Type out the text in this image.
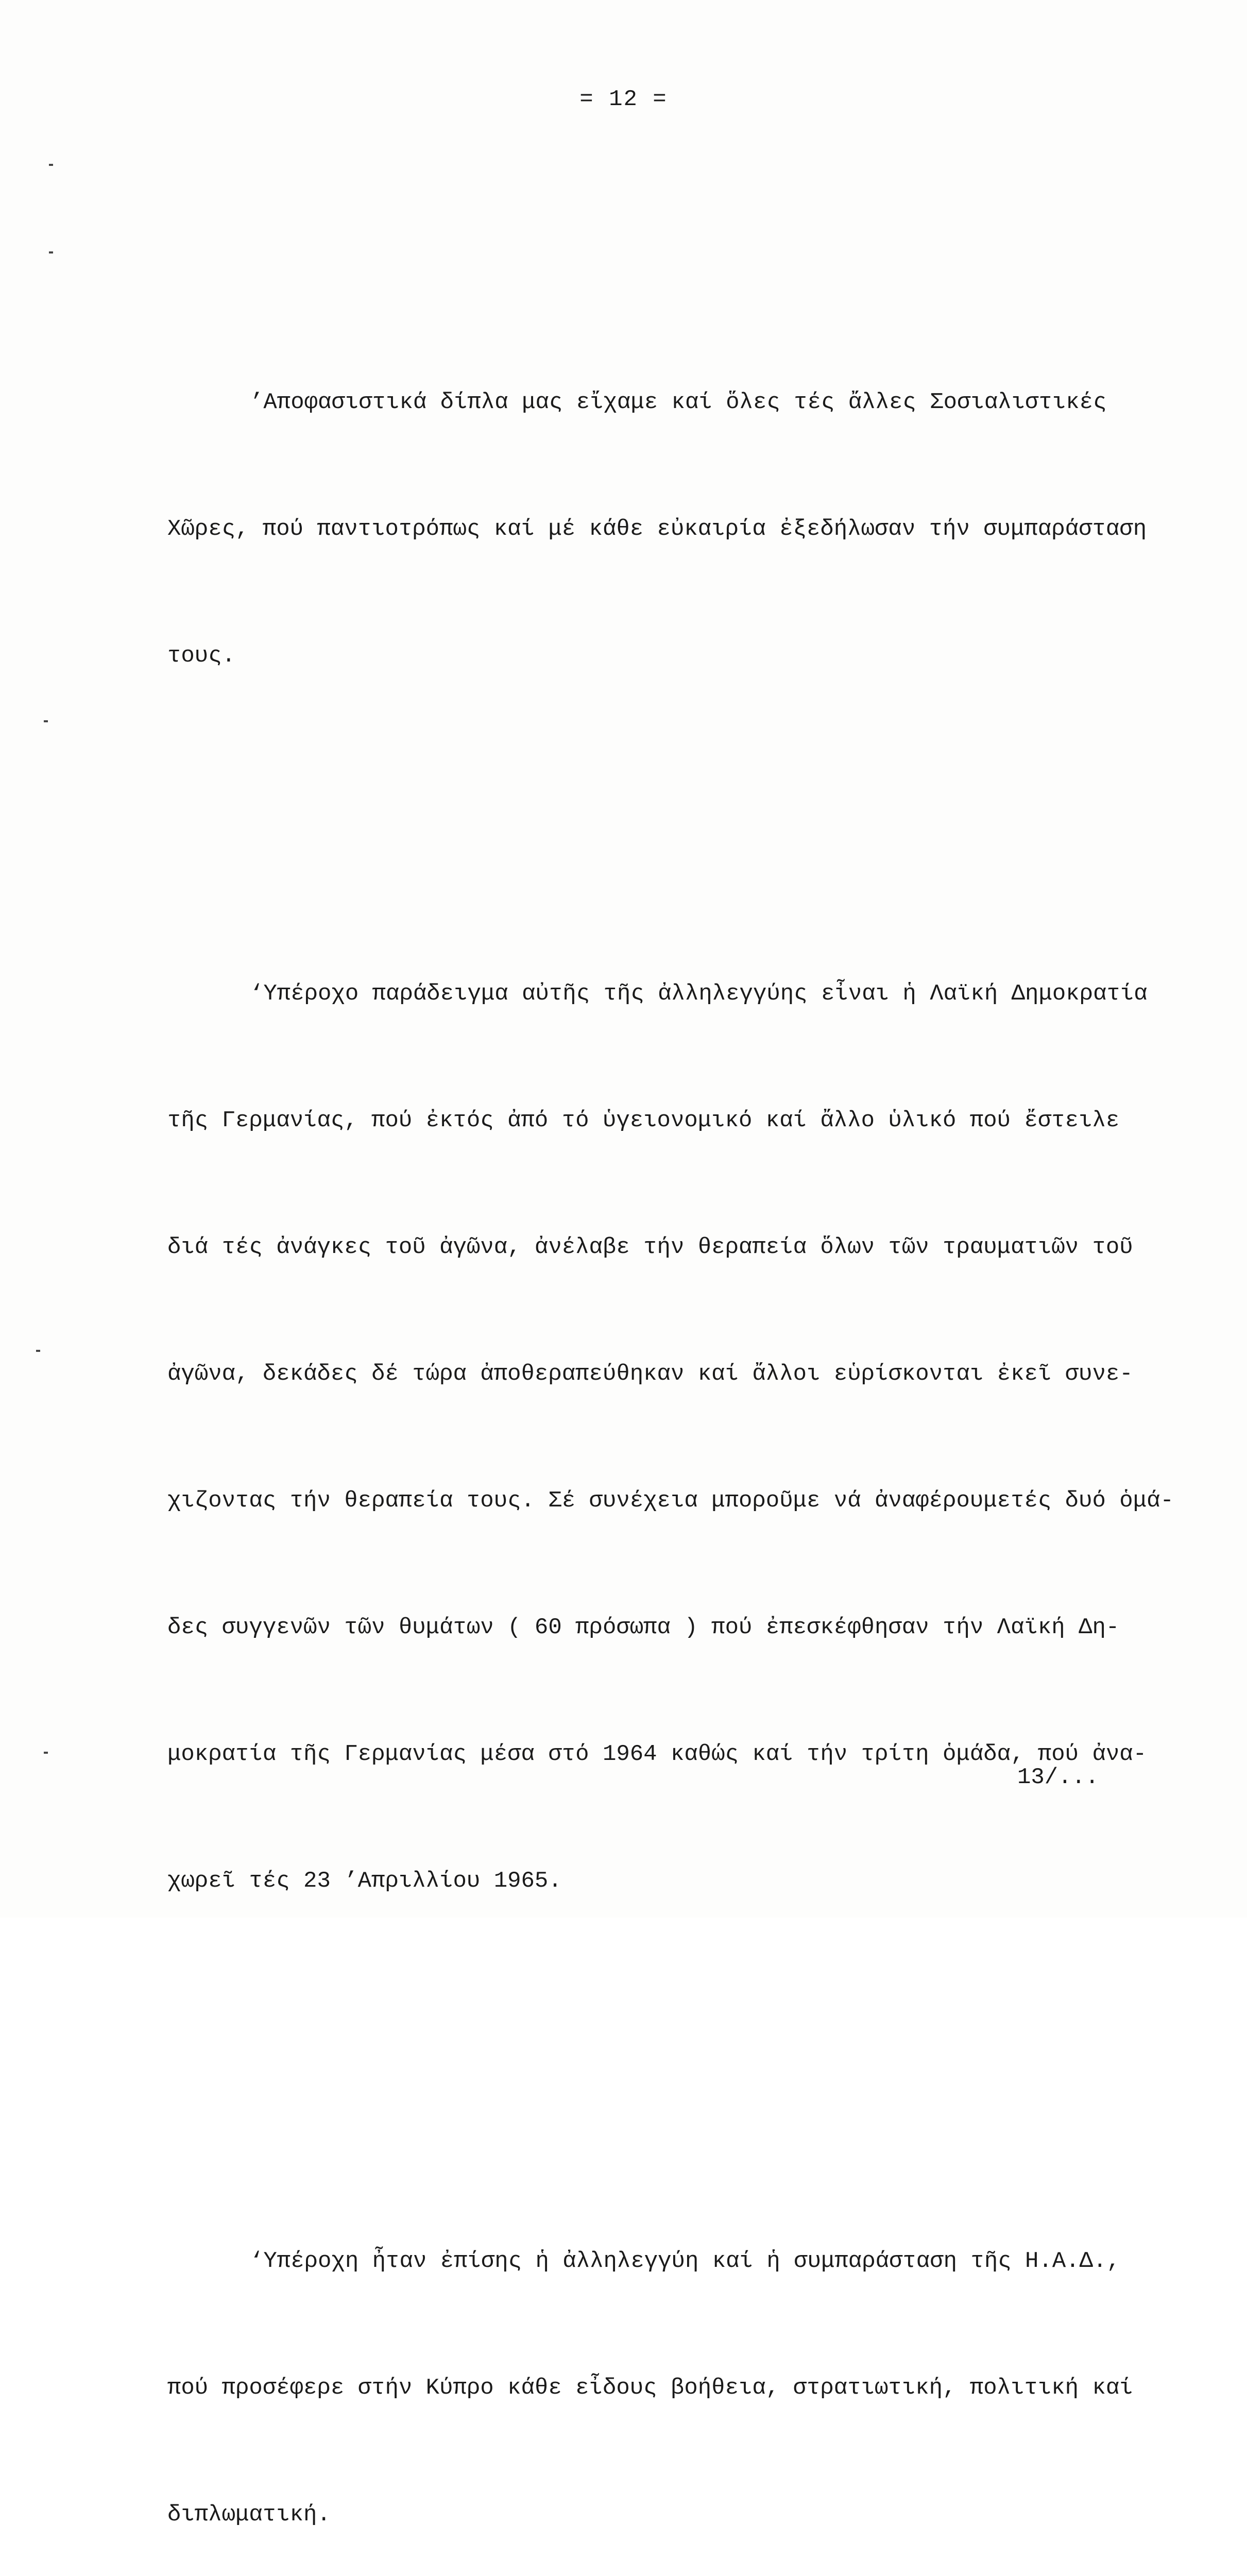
= 12 =

’Αποφασιστικά δίπλα μας εἴχαμε καί ὅλες τές ἄλλες Σοσιαλιστικές

Χῶρες, πού παντιοτρόπως καί μέ κάθε εὐκαιρία ἐξεδήλωσαν τήν συμπαράσταση

τους.

‘Υπέροχο παράδειγμα αὐτῆς τῆς ἀλληλεγγύης εἶναι ἡ Λαϊκή Δημοκρατία

τῆς Γερμανίας, πού ἐκτός ἀπό τό ὑγειονομικό καί ἄλλο ὑλικό πού ἔστειλε

διά τές ἀνάγκες τοῦ ἀγῶνα, ἀνέλαβε τήν θεραπεία ὅλων τῶν τραυματιῶν τοῦ

ἀγῶνα, δεκάδες δέ τώρα ἀποθεραπεύθηκαν καί ἄλλοι εὑρίσκονται ἐκεῖ συνε-

χιζοντας τήν θεραπεία τους. Σέ συνέχεια μποροῦμε νά ἀναφέρουμετές δυό ὁμά-

δες συγγενῶν τῶν θυμάτων ( 60 πρόσωπα ) πού ἐπεσκέφθησαν τήν Λαϊκή Δη-

μοκρατία τῆς Γερμανίας μέσα στό 1964 καθώς καί τήν τρίτη ὁμάδα, πού ἀνα-

χωρεῖ τές 23 ’Απριλλίου 1965.

‘Υπέροχη ἦταν ἐπίσης ἡ ἀλληλεγγύη καί ἡ συμπαράσταση τῆς Η.Α.Δ.,

πού προσέφερε στήν Κύπρο κάθε εἶδους βοήθεια, στρατιωτική, πολιτική καί

διπλωματική.

13/...
